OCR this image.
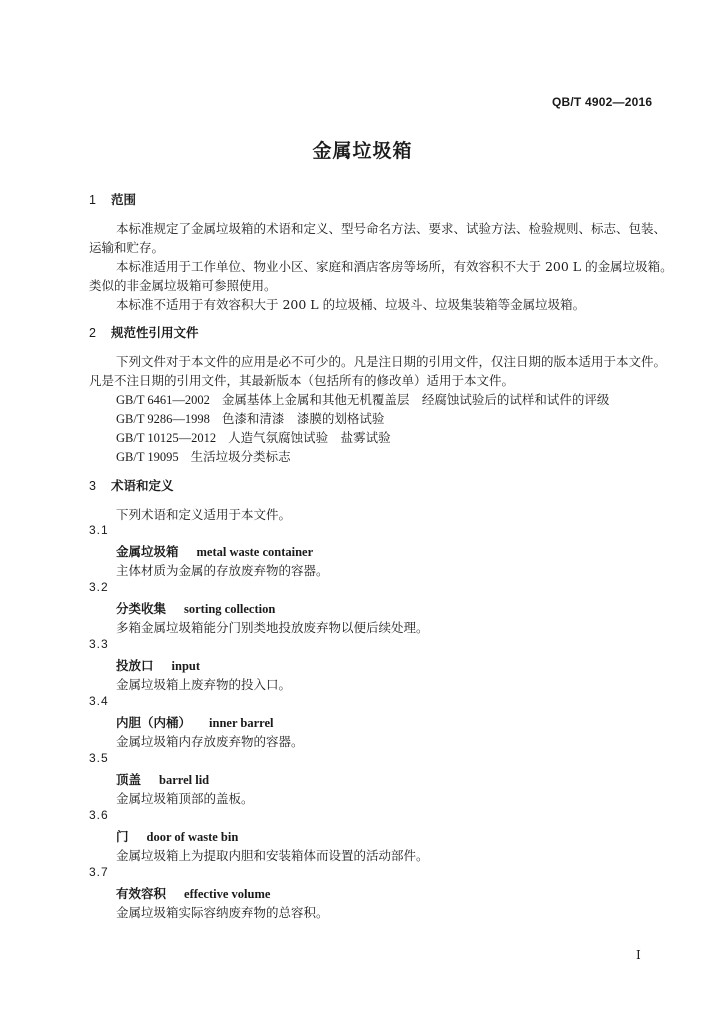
QB/T 4902—2016
金属垃圾箱
1 范围
本标准规定了金属垃圾箱的术语和定义、型号命名方法、要求、试验方法、检验规则、标志、包装、
运输和贮存。
本标准适用于工作单位、物业小区、家庭和酒店客房等场所，有效容积不大于 200 L 的金属垃圾箱。
类似的非金属垃圾箱可参照使用。
本标准不适用于有效容积大于 200 L 的垃圾桶、垃圾斗、垃圾集装箱等金属垃圾箱。
2 规范性引用文件
下列文件对于本文件的应用是必不可少的。凡是注日期的引用文件，仅注日期的版本适用于本文件。
凡是不注日期的引用文件，其最新版本（包括所有的修改单）适用于本文件。
GB/T 6461—2002 金属基体上金属和其他无机覆盖层　经腐蚀试验后的试样和试件的评级
GB/T 9286—1998 色漆和清漆　漆膜的划格试验
GB/T 10125—2012 人造气氛腐蚀试验　盐雾试验
GB/T 19095 生活垃圾分类标志
3 术语和定义
下列术语和定义适用于本文件。
3.1
金属垃圾箱 metal waste container
主体材质为金属的存放废弃物的容器。
3.2
分类收集 sorting collection
多箱金属垃圾箱能分门别类地投放废弃物以便后续处理。
3.3
投放口 input
金属垃圾箱上废弃物的投入口。
3.4
内胆（内桶） inner barrel
金属垃圾箱内存放废弃物的容器。
3.5
顶盖 barrel lid
金属垃圾箱顶部的盖板。
3.6
门 door of waste bin
金属垃圾箱上为提取内胆和安装箱体而设置的活动部件。
3.7
有效容积 effective volume
金属垃圾箱实际容纳废弃物的总容积。
I
